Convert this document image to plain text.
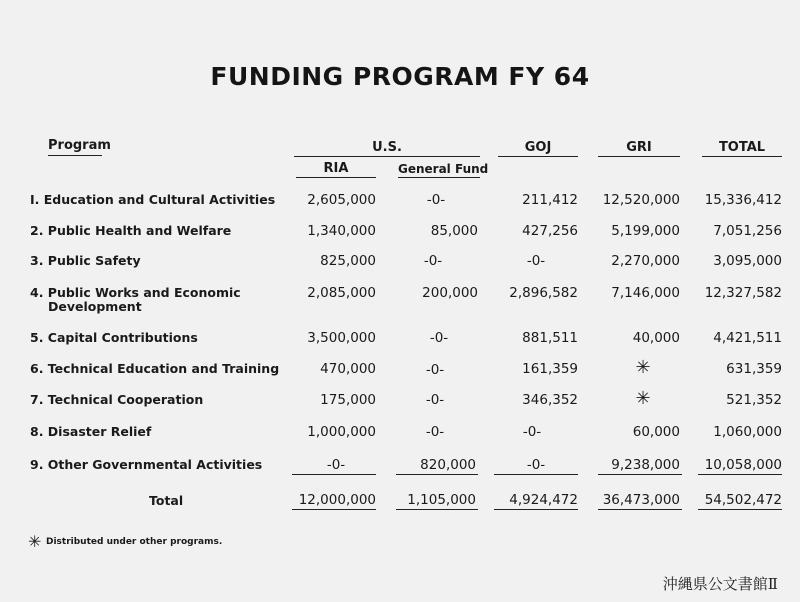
FUNDING PROGRAM FY 64
Program	U.S.
RIA	General Fund
GOJ	GRI	TOTAL
I. Education and Cultural Activities	2,605,000	-0-	211,412	12,520,000	15,336,412
2. Public Health and Welfare	1,340,000	85,000	427,256	5,199,000	7,051,256
3. Public Safety	825,000	-0-	-0-	2,270,000	3,095,000
4. Public Works and Economic
Development
2,085,000	200,000	2,896,582	7,146,000	12,327,582
5. Capital Contributions	3,500,000	-0-	881,511	40,000	4,421,511
6. Technical Education and Training	470,000	-0-	161,359	✳	631,359
7. Technical Cooperation	175,000	-0-	346,352	✳	521,352
8. Disaster Relief	1,000,000	-0-	-0-	60,000	1,060,000
9. Other Governmental Activities	-0-	820,000	-0-	9,238,000	10,058,000
Total	12,000,000	1,105,000	4,924,472	36,473,000	54,502,472
✳ Distributed under other programs.
沖縄県公文書館Ⅱ
